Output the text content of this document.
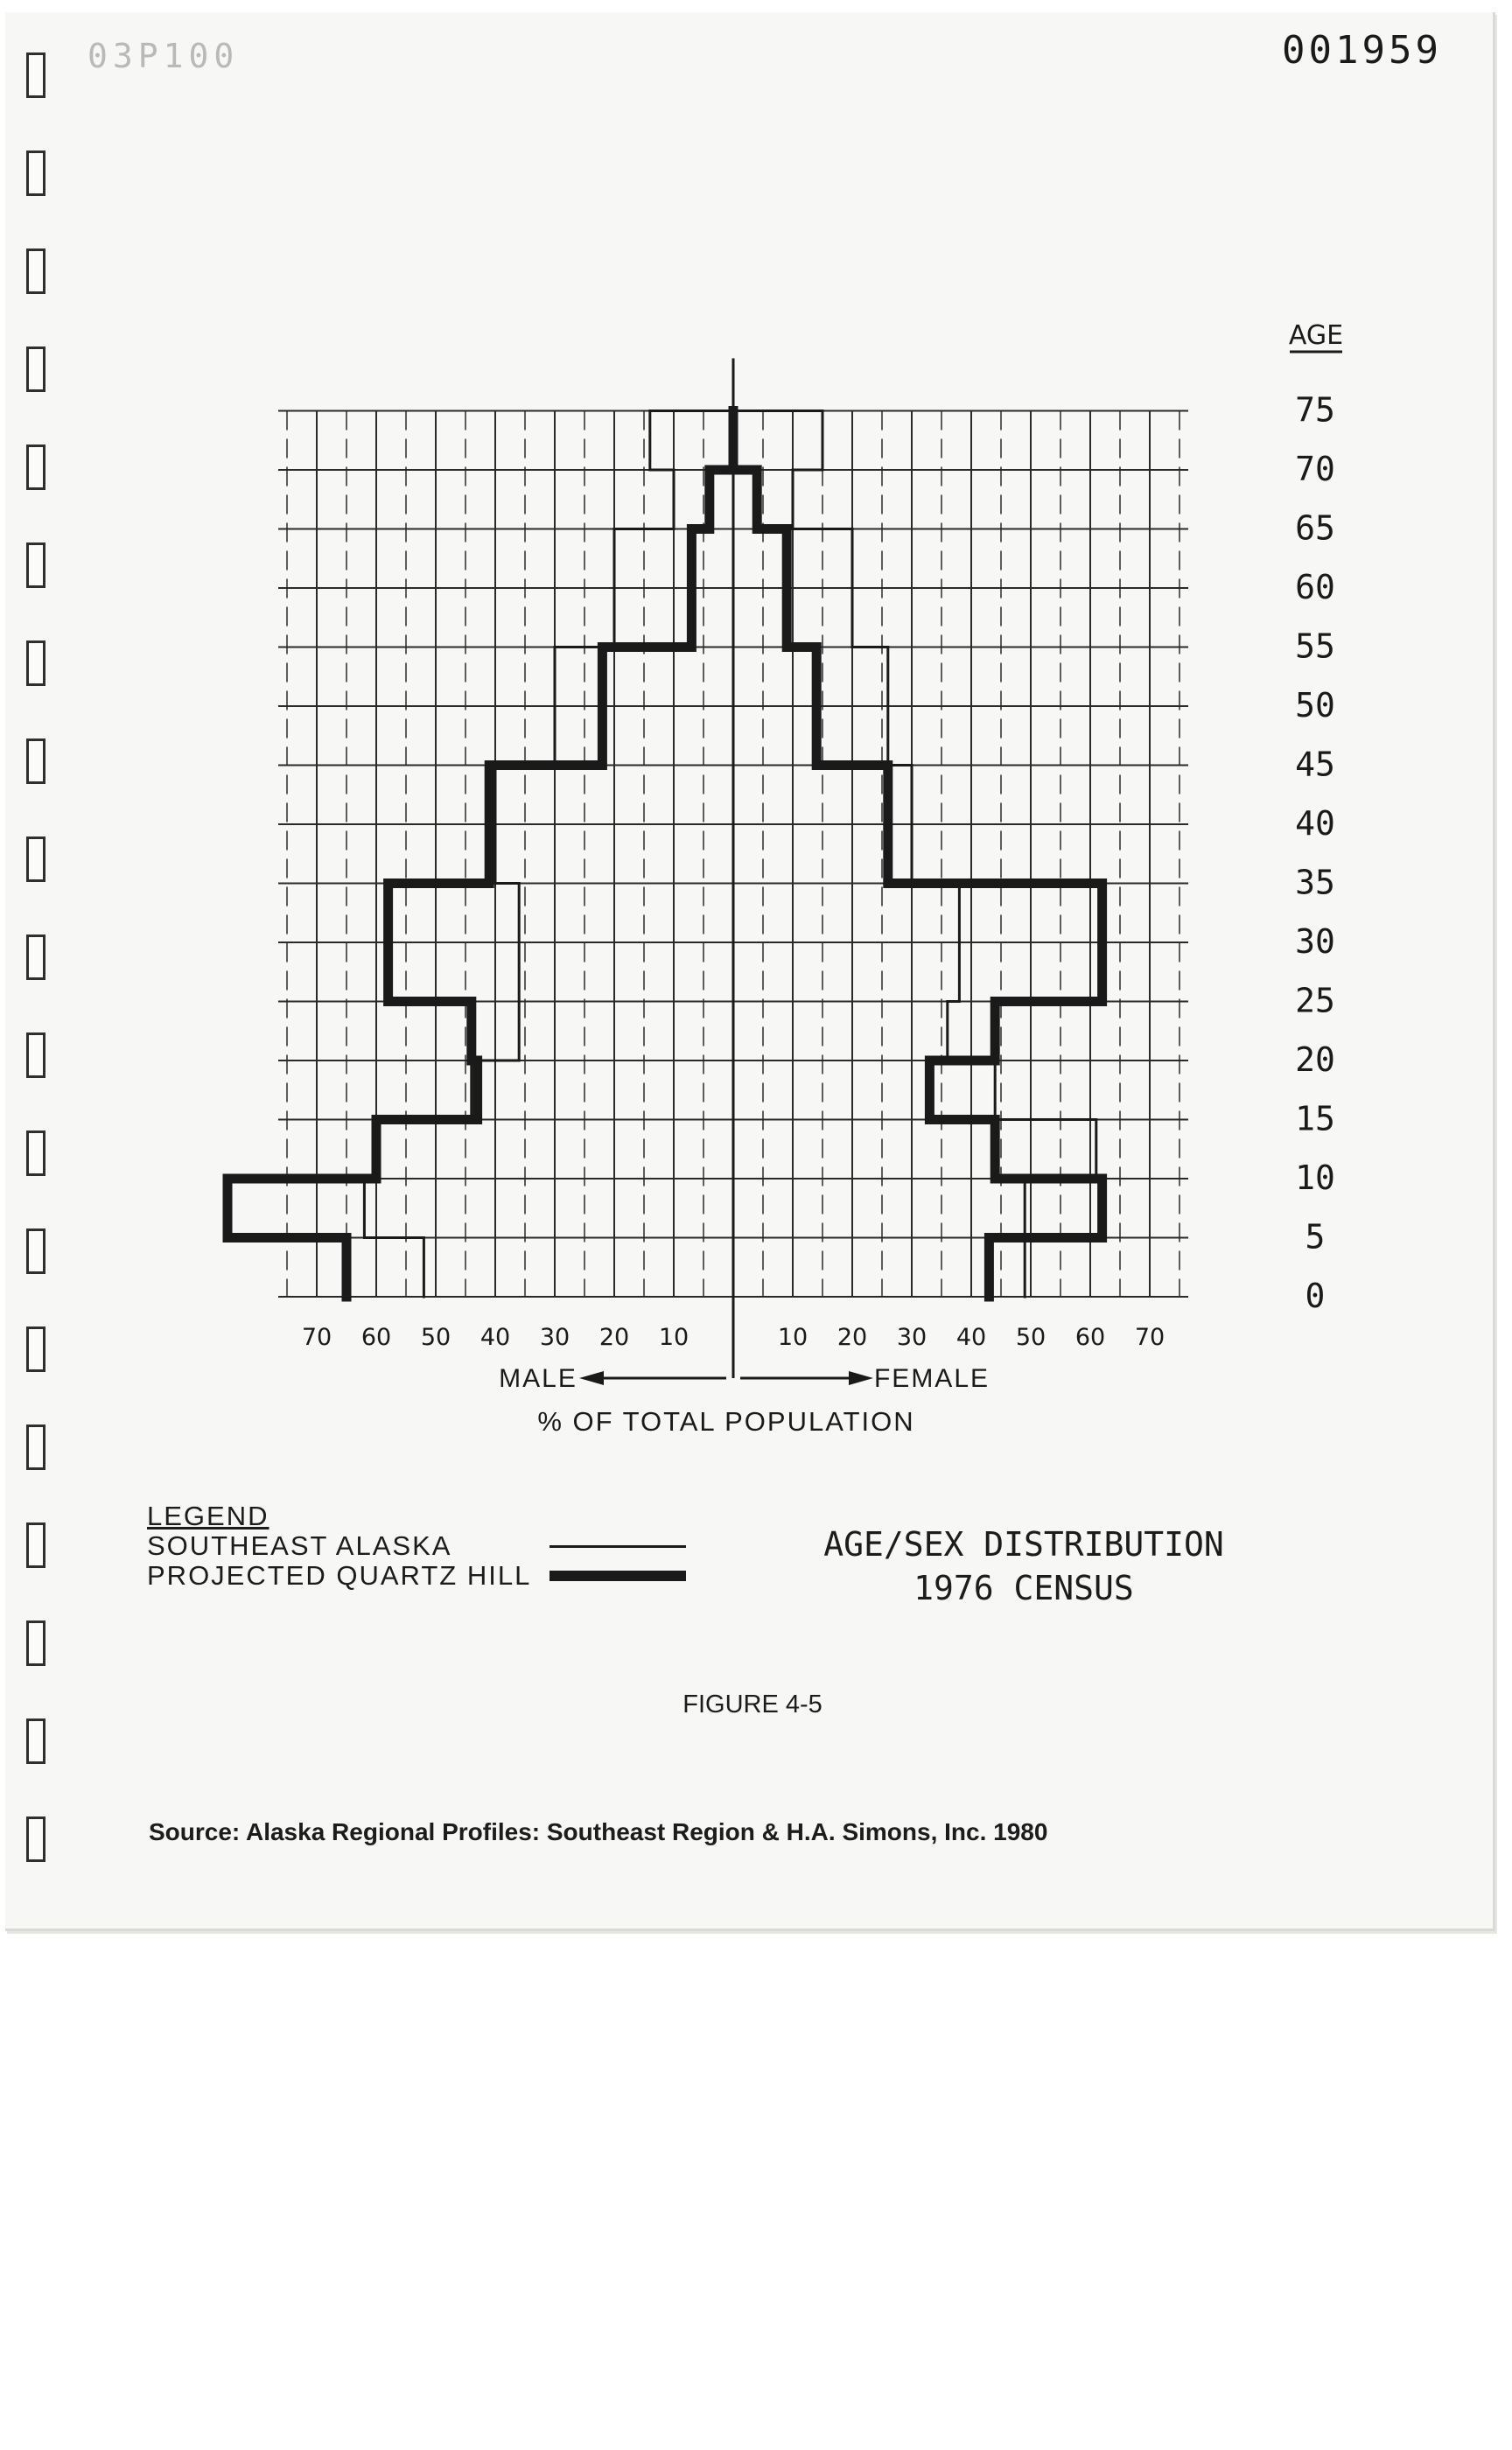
03P100	001959
70 60 50 40 30 20 10	10 20 30 40 50 60 70
MALE	FEMALE
% OF TOTAL POPULATION
AGE
0
5
10
15
20
25
30
35
40
45
50
55
60
65
70
75
LEGEND
SOUTHEAST ALASKA
PROJECTED QUARTZ HILL
AGE/SEX DISTRIBUTION
1976 CENSUS
FIGURE 4-5
Source: Alaska Regional Profiles: Southeast Region & H.A. Simons, Inc. 1980
